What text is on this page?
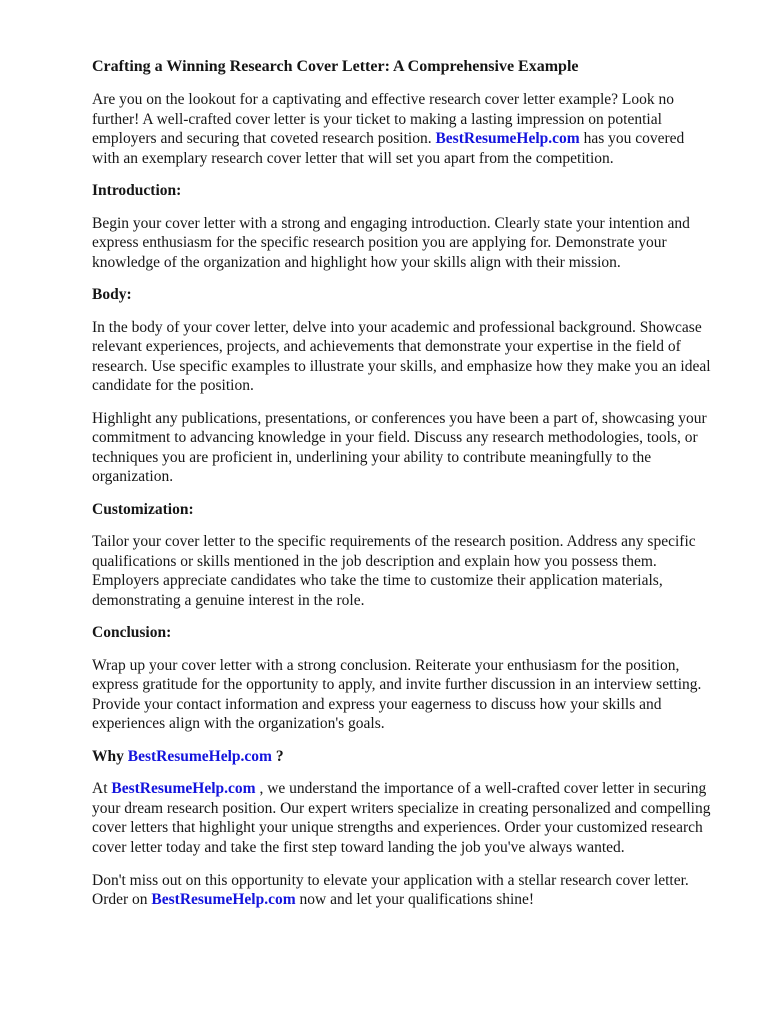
Crafting a Winning Research Cover Letter: A Comprehensive Example

Are you on the lookout for a captivating and effective research cover letter example? Look no further! A well-crafted cover letter is your ticket to making a lasting impression on potential employers and securing that coveted research position. BestResumeHelp.com has you covered with an exemplary research cover letter that will set you apart from the competition.

Introduction:

Begin your cover letter with a strong and engaging introduction. Clearly state your intention and express enthusiasm for the specific research position you are applying for. Demonstrate your knowledge of the organization and highlight how your skills align with their mission.

Body:

In the body of your cover letter, delve into your academic and professional background. Showcase relevant experiences, projects, and achievements that demonstrate your expertise in the field of research. Use specific examples to illustrate your skills, and emphasize how they make you an ideal candidate for the position.

Highlight any publications, presentations, or conferences you have been a part of, showcasing your commitment to advancing knowledge in your field. Discuss any research methodologies, tools, or techniques you are proficient in, underlining your ability to contribute meaningfully to the organization.

Customization:

Tailor your cover letter to the specific requirements of the research position. Address any specific qualifications or skills mentioned in the job description and explain how you possess them. Employers appreciate candidates who take the time to customize their application materials, demonstrating a genuine interest in the role.

Conclusion:

Wrap up your cover letter with a strong conclusion. Reiterate your enthusiasm for the position, express gratitude for the opportunity to apply, and invite further discussion in an interview setting. Provide your contact information and express your eagerness to discuss how your skills and experiences align with the organization's goals.

Why BestResumeHelp.com ?

At BestResumeHelp.com , we understand the importance of a well-crafted cover letter in securing your dream research position. Our expert writers specialize in creating personalized and compelling cover letters that highlight your unique strengths and experiences. Order your customized research cover letter today and take the first step toward landing the job you've always wanted.

Don't miss out on this opportunity to elevate your application with a stellar research cover letter. Order on BestResumeHelp.com now and let your qualifications shine!
